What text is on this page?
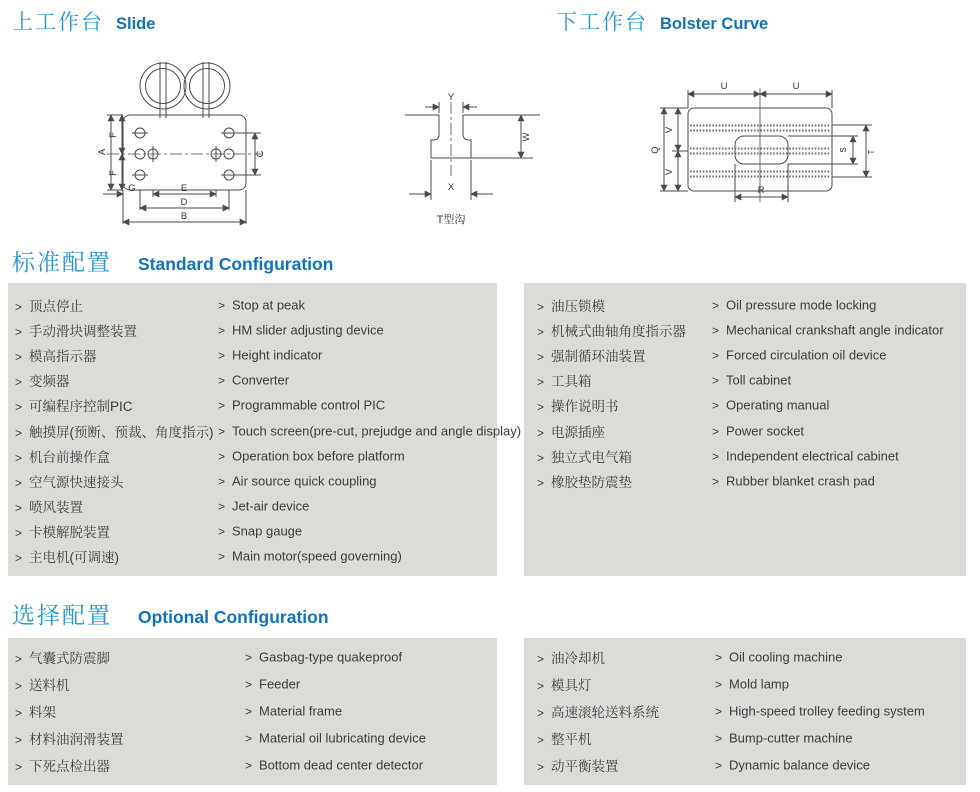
上工作台 Slide	下工作台 Bolster Curve
A
F
F
C
G	E
D
B
Y
W
X
T型沟
U	U
Q
V
V
S T
R
标准配置 Standard Configuration
> 顶点停止	> Stop at peak
> 手动滑块调整装置	> HM slider adjusting device
> 模高指示器	> Height indicator
> 变频器	> Converter
> 可编程序控制PIC	> Programmable control PIC
> 触摸屏(预断、预裁、角度指示) > Touch screen(pre-cut, prejudge and angle display)
> 机台前操作盒	> Operation box before platform
> 空气源快速接头	> Air source quick coupling
> 喷风装置	> Jet-air device
> 卡模解脱装置	> Snap gauge
> 主电机(可调速)	> Main motor(speed governing)
> 油压锁模	> Oil pressure mode locking
> 机械式曲轴角度指示器 > Mechanical crankshaft angle indicator
> 强制循环油装置	> Forced circulation oil device
> 工具箱	> Toll cabinet
> 操作说明书	> Operating manual
> 电源插座	> Power socket
> 独立式电气箱	> Independent electrical cabinet
> 橡胶垫防震垫	> Rubber blanket crash pad
选择配置 Optional Configuration
> 气囊式防震脚	> Gasbag-type quakeproof
> 送料机	> Feeder
> 料架	> Material frame
> 材料油润滑装置	> Material oil lubricating device
> 下死点检出器	> Bottom dead center detector
> 油冷却机	> Oil cooling machine
> 模具灯	> Mold lamp
> 高速滚轮送料系统	> High-speed trolley feeding system
> 整平机	> Bump-cutter machine
> 动平衡装置	> Dynamic balance device
